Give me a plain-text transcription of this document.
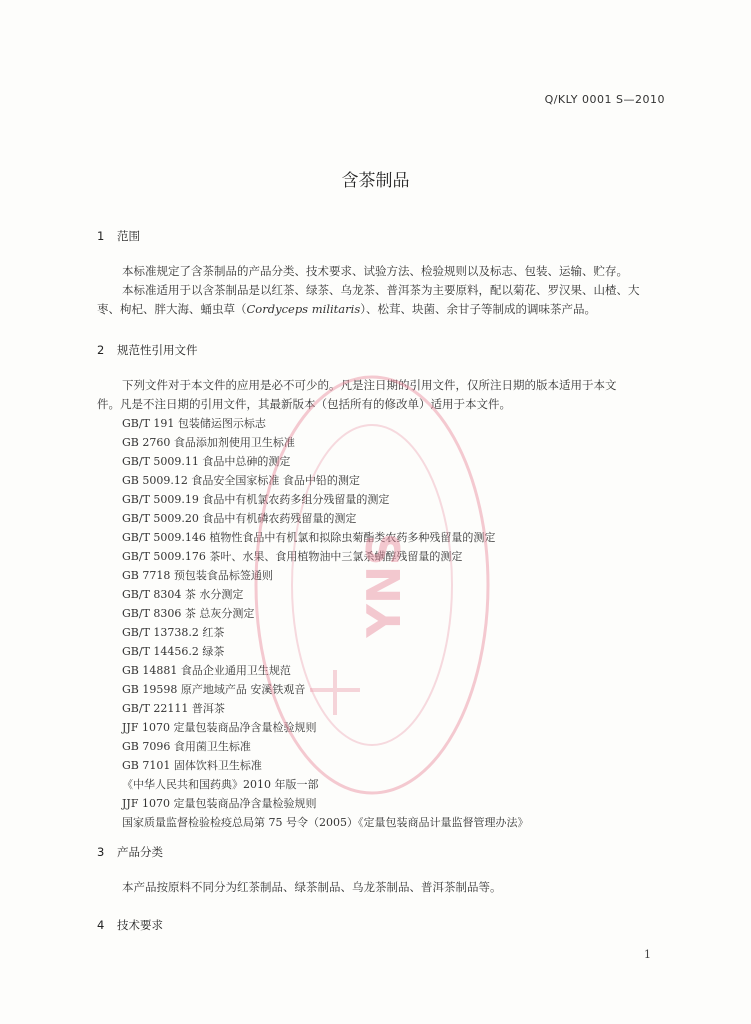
Q/KLY 0001 S—2010
含茶制品
1 范围
本标准规定了含茶制品的产品分类、技术要求、试验方法、检验规则以及标志、包装、运输、贮存。
本标准适用于以含茶制品是以红茶、绿茶、乌龙茶、普洱茶为主要原料，配以菊花、罗汉果、山楂、大
枣、枸杞、胖大海、蛹虫草（Cordyceps militaris）、松茸、块菌、余甘子等制成的调味茶产品。
2 规范性引用文件
下列文件对于本文件的应用是必不可少的。凡是注日期的引用文件，仅所注日期的版本适用于本文
件。凡是不注日期的引用文件，其最新版本（包括所有的修改单）适用于本文件。
GB/T 191 包装储运图示标志
GB 2760 食品添加剂使用卫生标准
GB/T 5009.11 食品中总砷的测定
GB 5009.12 食品安全国家标准 食品中铅的测定
GB/T 5009.19 食品中有机氯农药多组分残留量的测定
GB/T 5009.20 食品中有机磷农药残留量的测定
GB/T 5009.146 植物性食品中有机氯和拟除虫菊酯类农药多种残留量的测定
GB/T 5009.176 茶叶、水果、食用植物油中三氯杀螨醇残留量的测定
GB 7718 预包装食品标签通则
GB/T 8304 茶 水分测定
GB/T 8306 茶 总灰分测定
GB/T 13738.2 红茶
GB/T 14456.2 绿茶
GB 14881 食品企业通用卫生规范
GB 19598 原产地域产品 安溪铁观音
GB/T 22111 普洱茶
JJF 1070 定量包装商品净含量检验规则
GB 7096 食用菌卫生标准
GB 7101 固体饮料卫生标准
《中华人民共和国药典》2010 年版一部
JJF 1070 定量包装商品净含量检验规则
国家质量监督检验检疫总局第 75 号令（2005）《定量包装商品计量监督管理办法》
3 产品分类
本产品按原料不同分为红茶制品、绿茶制品、乌龙茶制品、普洱茶制品等。
4 技术要求
1
YNS
